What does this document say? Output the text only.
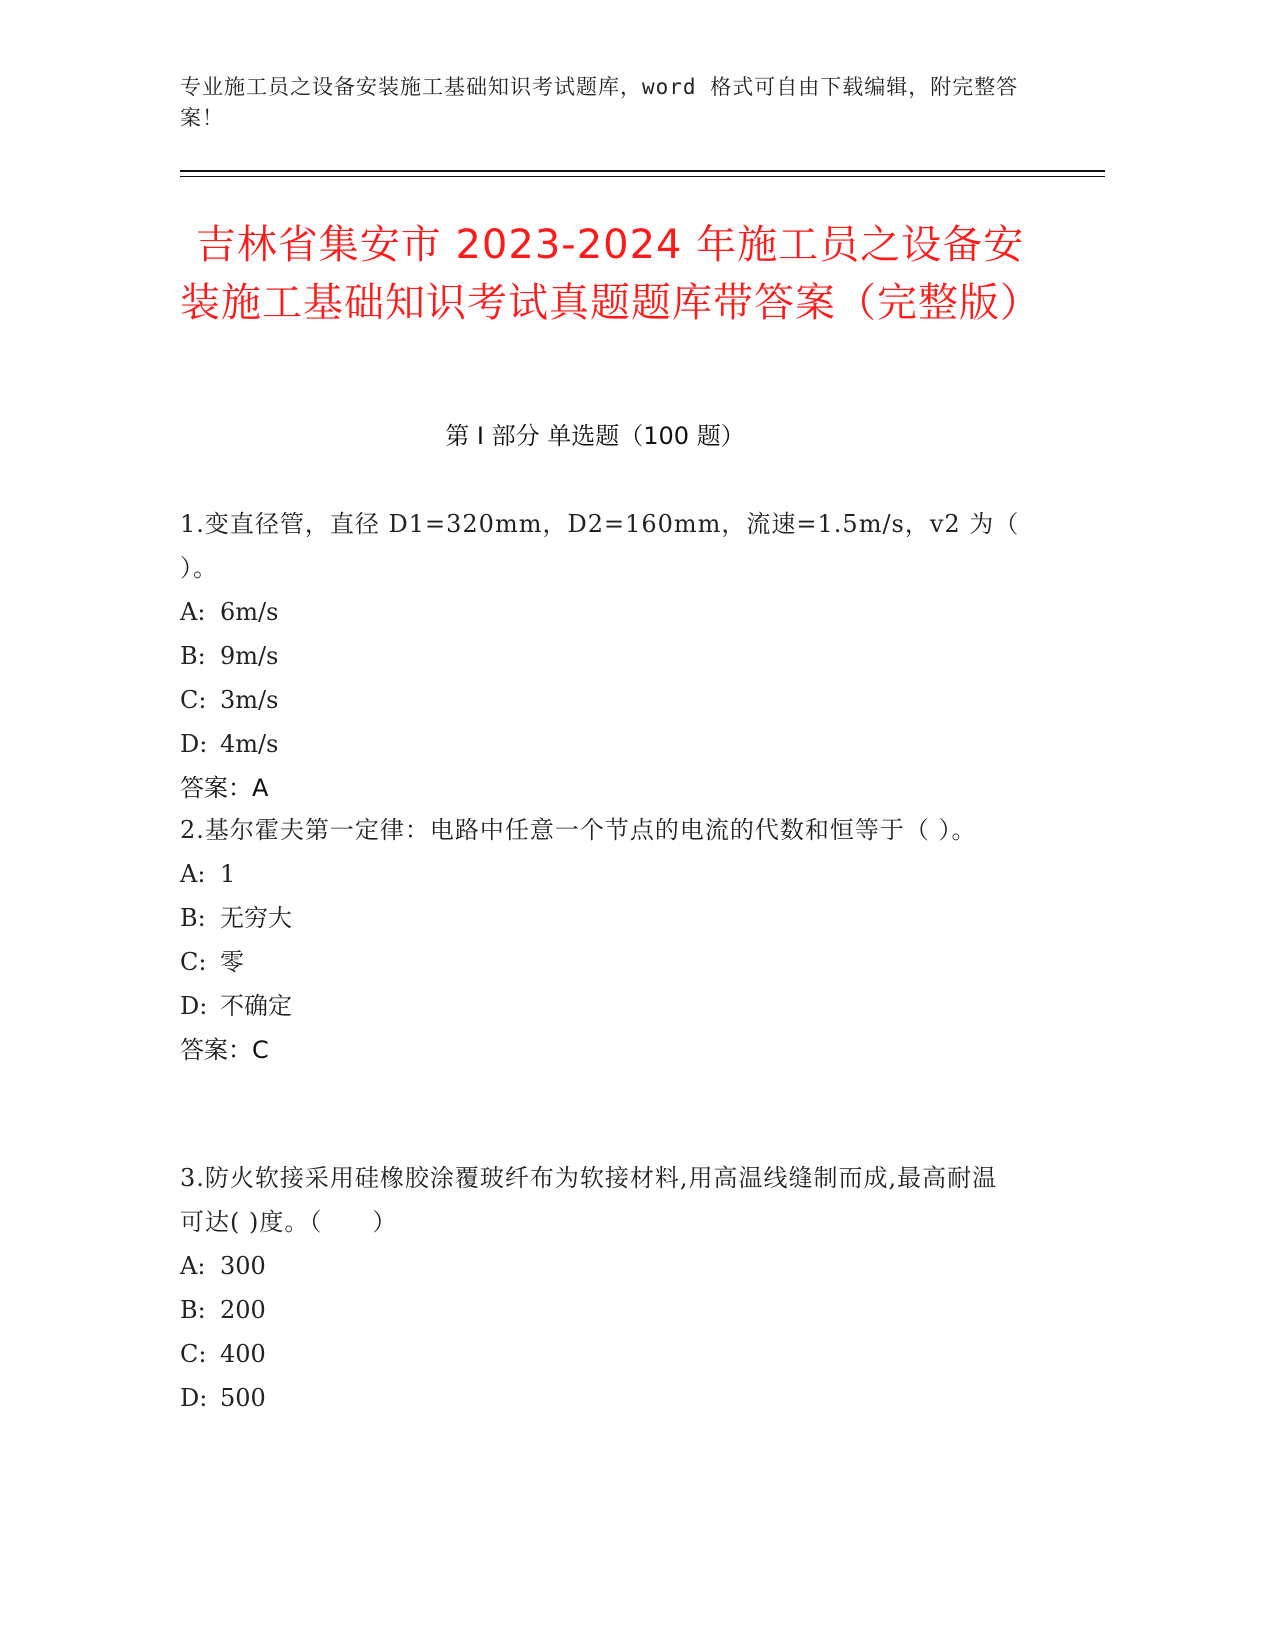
专业施工员之设备安装施工基础知识考试题库，word 格式可自由下载编辑，附完整答案！
吉林省集安市 2023-2024 年施工员之设备安装施工基础知识考试真题题库带答案（完整版）
第 I 部分 单选题（100 题）
1.变直径管，直径 D1=320mm，D2=160mm，流速=1.5m/s，v2 为（ ）。
A: 6m/s
B: 9m/s
C: 3m/s
D: 4m/s
答案：A
2.基尔霍夫第一定律：电路中任意一个节点的电流的代数和恒等于（ ）。
A: 1
B: 无穷大
C: 零
D: 不确定
答案：C
3.防火软接采用硅橡胶涂覆玻纤布为软接材料,用高温线缝制而成,最高耐温可达( )度。（　　）
A: 300
B: 200
C: 400
D: 500
